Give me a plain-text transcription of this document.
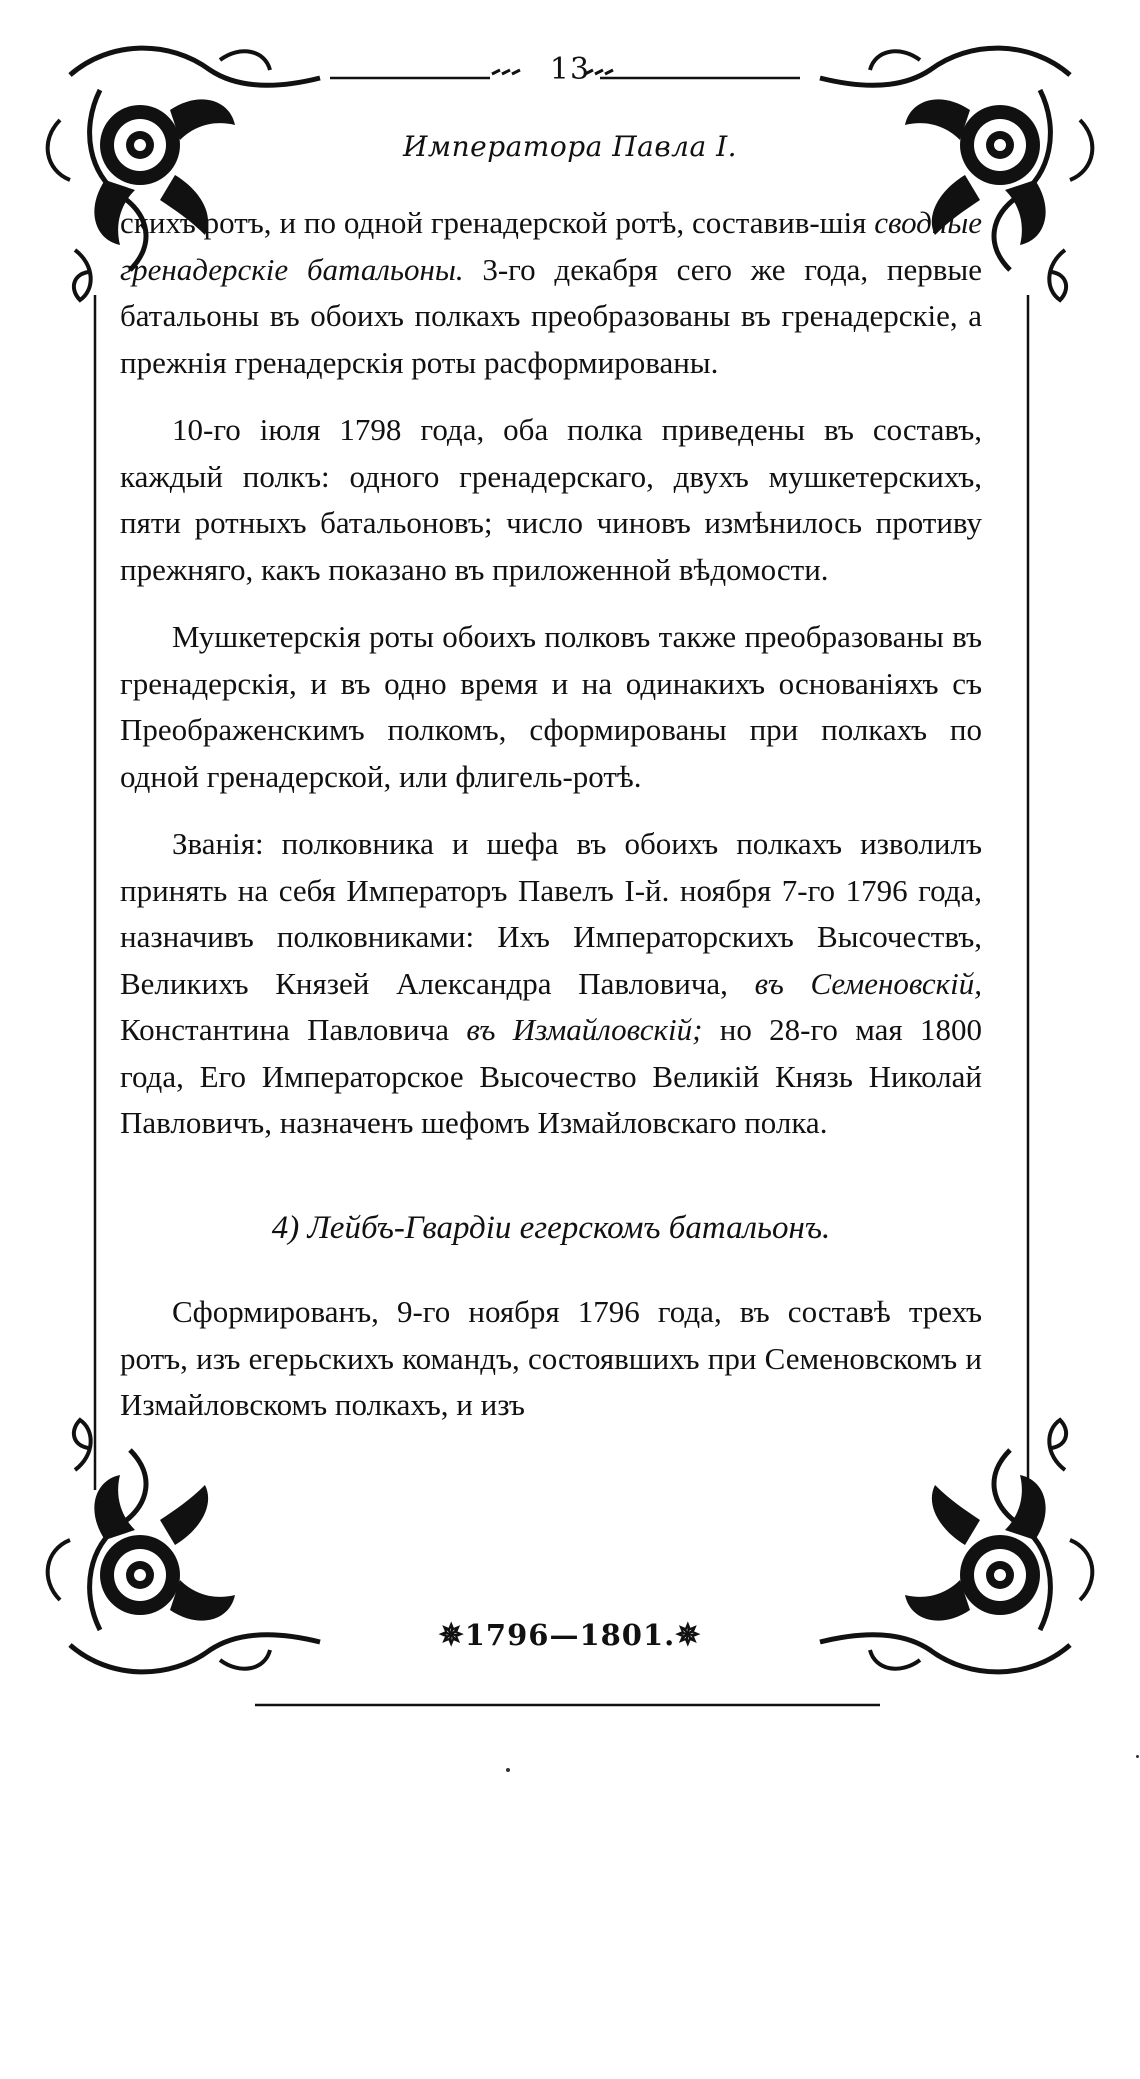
13
Императора Павла I.

скихъ ротъ, и по одной гренадерской ротѣ, составив-шія сводные гренадерскіе батальоны. 3-го декабря сего же года, первые батальоны въ обоихъ полкахъ преобразованы въ гренадерскіе, а прежнія гренадерскія роты расформированы.

10-го іюля 1798 года, оба полка приведены въ составъ, каждый полкъ: одного гренадерскаго, двухъ мушкетерскихъ, пяти ротныхъ батальоновъ; число чиновъ измѣнилось противу прежняго, какъ показано въ приложенной вѣдомости.

Мушкетерскія роты обоихъ полковъ также преобразованы въ гренадерскія, и въ одно время и на одинакихъ основаніяхъ съ Преображенскимъ полкомъ, сформированы при полкахъ по одной гренадерской, или флигель-ротѣ.

Званія: полковника и шефа въ обоихъ полкахъ изволилъ принять на себя Императоръ Павелъ I-й. ноября 7-го 1796 года, назначивъ полковниками: Ихъ Императорскихъ Высочествъ, Великихъ Князей Александра Павловича, въ Семеновскій, Константина Павловича въ Измайловскій; но 28-го мая 1800 года, Его Императорское Высочество Великій Князь Николай Павловичъ, назначенъ шефомъ Измайловскаго полка.

4) Лейбъ-Гвардіи егерскомъ батальонъ.

Сформированъ, 9-го ноября 1796 года, въ составѣ трехъ ротъ, изъ егерьскихъ командъ, состоявшихъ при Семеновскомъ и Измайловскомъ полкахъ, и изъ

✵1796—1801.✵
